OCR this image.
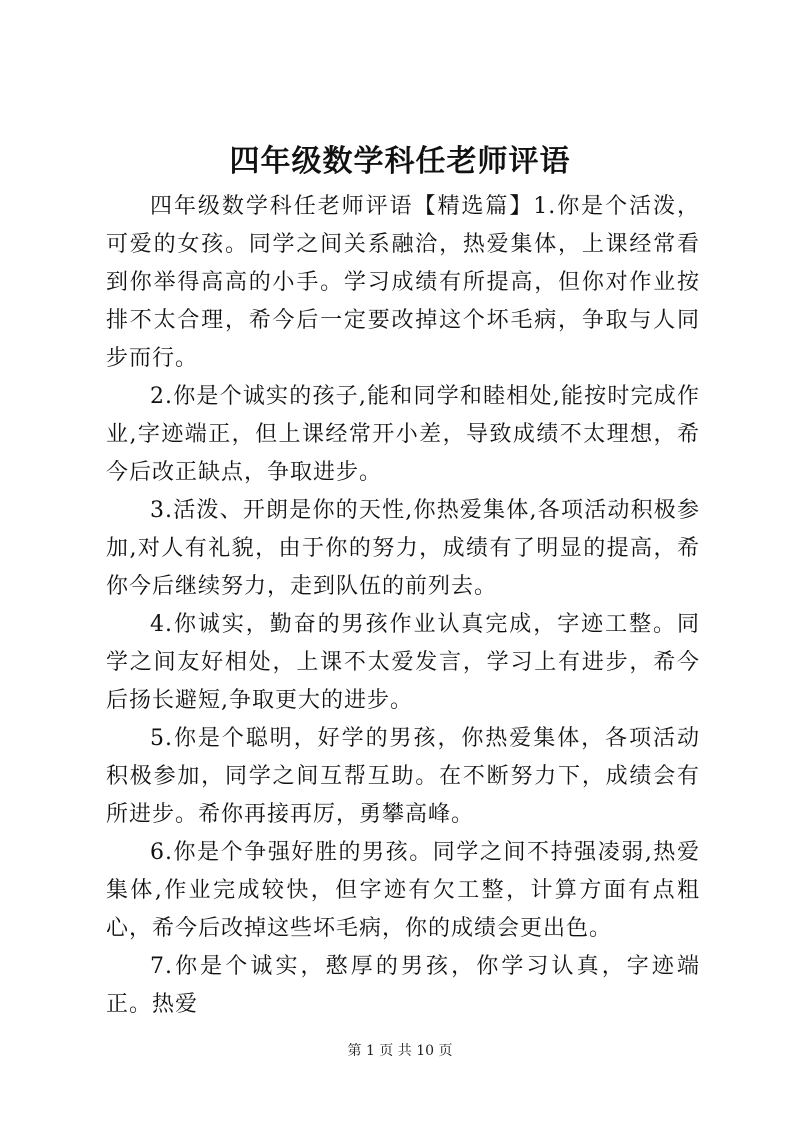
四年级数学科任老师评语

四年级数学科任老师评语【精选篇】1.你是个活泼，可爱的女孩。同学之间关系融洽，热爱集体，上课经常看到你举得高高的小手。学习成绩有所提高，但你对作业按排不太合理，希今后一定要改掉这个坏毛病，争取与人同步而行。

2.你是个诚实的孩子,能和同学和睦相处,能按时完成作业,字迹端正，但上课经常开小差，导致成绩不太理想，希今后改正缺点，争取进步。

3.活泼、开朗是你的天性,你热爱集体,各项活动积极参加,对人有礼貌，由于你的努力，成绩有了明显的提高，希你今后继续努力，走到队伍的前列去。

4.你诚实，勤奋的男孩作业认真完成，字迹工整。同学之间友好相处，上课不太爱发言，学习上有进步，希今后扬长避短,争取更大的进步。

5.你是个聪明，好学的男孩，你热爱集体，各项活动积极参加，同学之间互帮互助。在不断努力下，成绩会有所进步。希你再接再厉，勇攀高峰。

6.你是个争强好胜的男孩。同学之间不持强凌弱,热爱集体,作业完成较快，但字迹有欠工整，计算方面有点粗心，希今后改掉这些坏毛病，你的成绩会更出色。

7.你是个诚实，憨厚的男孩，你学习认真，字迹端正。热爱

第 1 页 共 10 页
